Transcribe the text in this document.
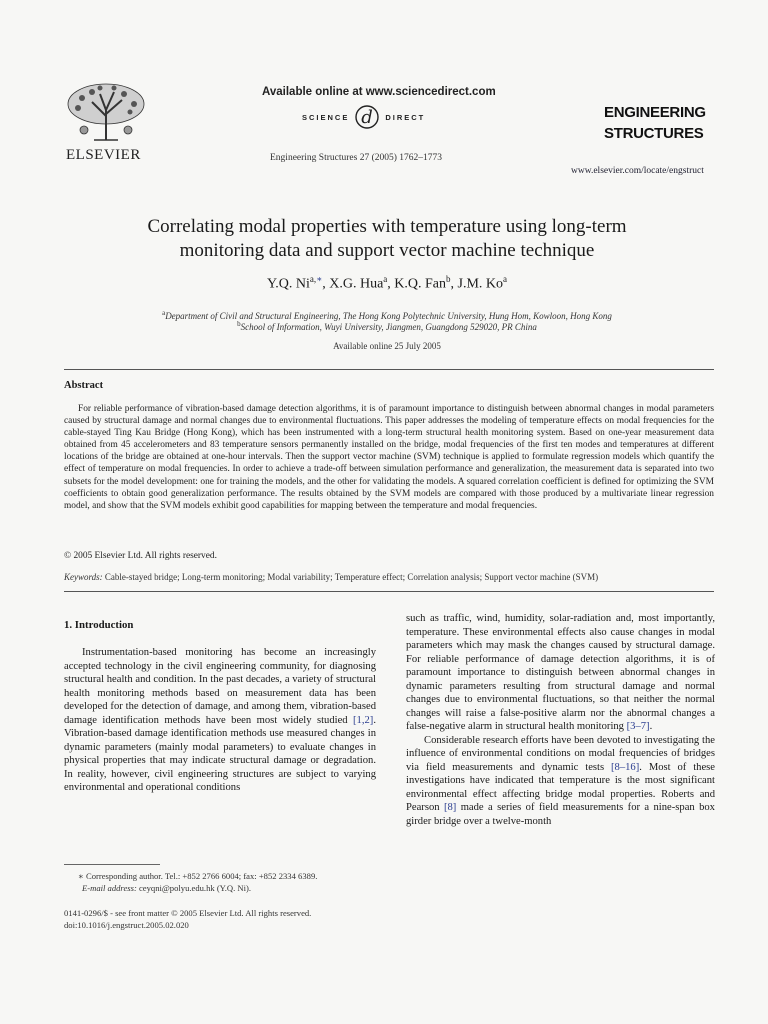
ELSEVIER
Available online at www.sciencedirect.com
SCIENCE d DIRECT
Engineering Structures 27 (2005) 1762–1773
ENGINEERING
STRUCTURES
www.elsevier.com/locate/engstruct
Correlating modal properties with temperature using long-term
monitoring data and support vector machine technique
Y.Q. Ni$^{a,∗}$, X.G. Hua$^a$, K.Q. Fan$^b$, J.M. Ko$^a$
$^a$Department of Civil and Structural Engineering, The Hong Kong Polytechnic University, Hung Hom, Kowloon, Hong Kong
$^b$School of Information, Wuyi University, Jiangmen, Guangdong 529020, PR China
Available online 25 July 2005
Abstract
For reliable performance of vibration-based damage detection algorithms, it is of paramount importance to distinguish between abnormal changes in modal parameters caused by structural damage and normal changes due to environmental fluctuations. This paper addresses the modeling of temperature effects on modal frequencies for the cable-stayed Ting Kau Bridge (Hong Kong), which has been instrumented with a long-term structural health monitoring system. Based on one-year measurement data obtained from 45 accelerometers and 83 temperature sensors permanently installed on the bridge, modal frequencies of the first ten modes and temperatures at different locations of the bridge are obtained at one-hour intervals. Then the support vector machine (SVM) technique is applied to formulate regression models which quantify the effect of temperature on modal frequencies. In order to achieve a trade-off between simulation performance and generalization, the measurement data is separated into two subsets for the model development: one for training the models, and the other for validating the models. A squared correlation coefficient is defined for optimizing the SVM coefficients to obtain good generalization performance. The results obtained by the SVM models are compared with those produced by a multivariate linear regression model, and show that the SVM models exhibit good capabilities for mapping between the temperature and modal frequencies.
© 2005 Elsevier Ltd. All rights reserved.
Keywords: Cable-stayed bridge; Long-term monitoring; Modal variability; Temperature effect; Correlation analysis; Support vector machine (SVM)
1. Introduction

Instrumentation-based monitoring has become an increasingly accepted technology in the civil engineering community, for diagnosing structural health and condition. In the past decades, a variety of structural health monitoring methods based on measurement data has been developed for the detection of damage, and among them, vibration-based damage identification methods have been most widely studied [1,2]. Vibration-based damage identification methods use measured changes in dynamic parameters (mainly modal parameters) to evaluate changes in physical properties that may indicate structural damage or degradation. In reality, however, civil engineering structures are subject to varying environmental and operational conditions

such as traffic, wind, humidity, solar-radiation and, most importantly, temperature. These environmental effects also cause changes in modal parameters which may mask the changes caused by structural damage. For reliable performance of damage detection algorithms, it is of paramount importance to distinguish between abnormal changes in dynamic parameters resulting from structural damage and normal changes due to environmental fluctuations, so that neither the normal changes will raise a false-positive alarm nor the abnormal changes a false-negative alarm in structural health monitoring [3–7].

Considerable research efforts have been devoted to investigating the influence of environmental conditions on modal frequencies of bridges via field measurements and dynamic tests [8–16]. Most of these investigations have indicated that temperature is the most significant environmental effect affecting bridge modal properties. Roberts and Pearson [8] made a series of field measurements for a nine-span box girder bridge over a twelve-month

∗ Corresponding author. Tel.: +852 2766 6004; fax: +852 2334 6389.
E-mail address: ceyqni@polyu.edu.hk (Y.Q. Ni).
0141-0296/$ - see front matter © 2005 Elsevier Ltd. All rights reserved.
doi:10.1016/j.engstruct.2005.02.020
